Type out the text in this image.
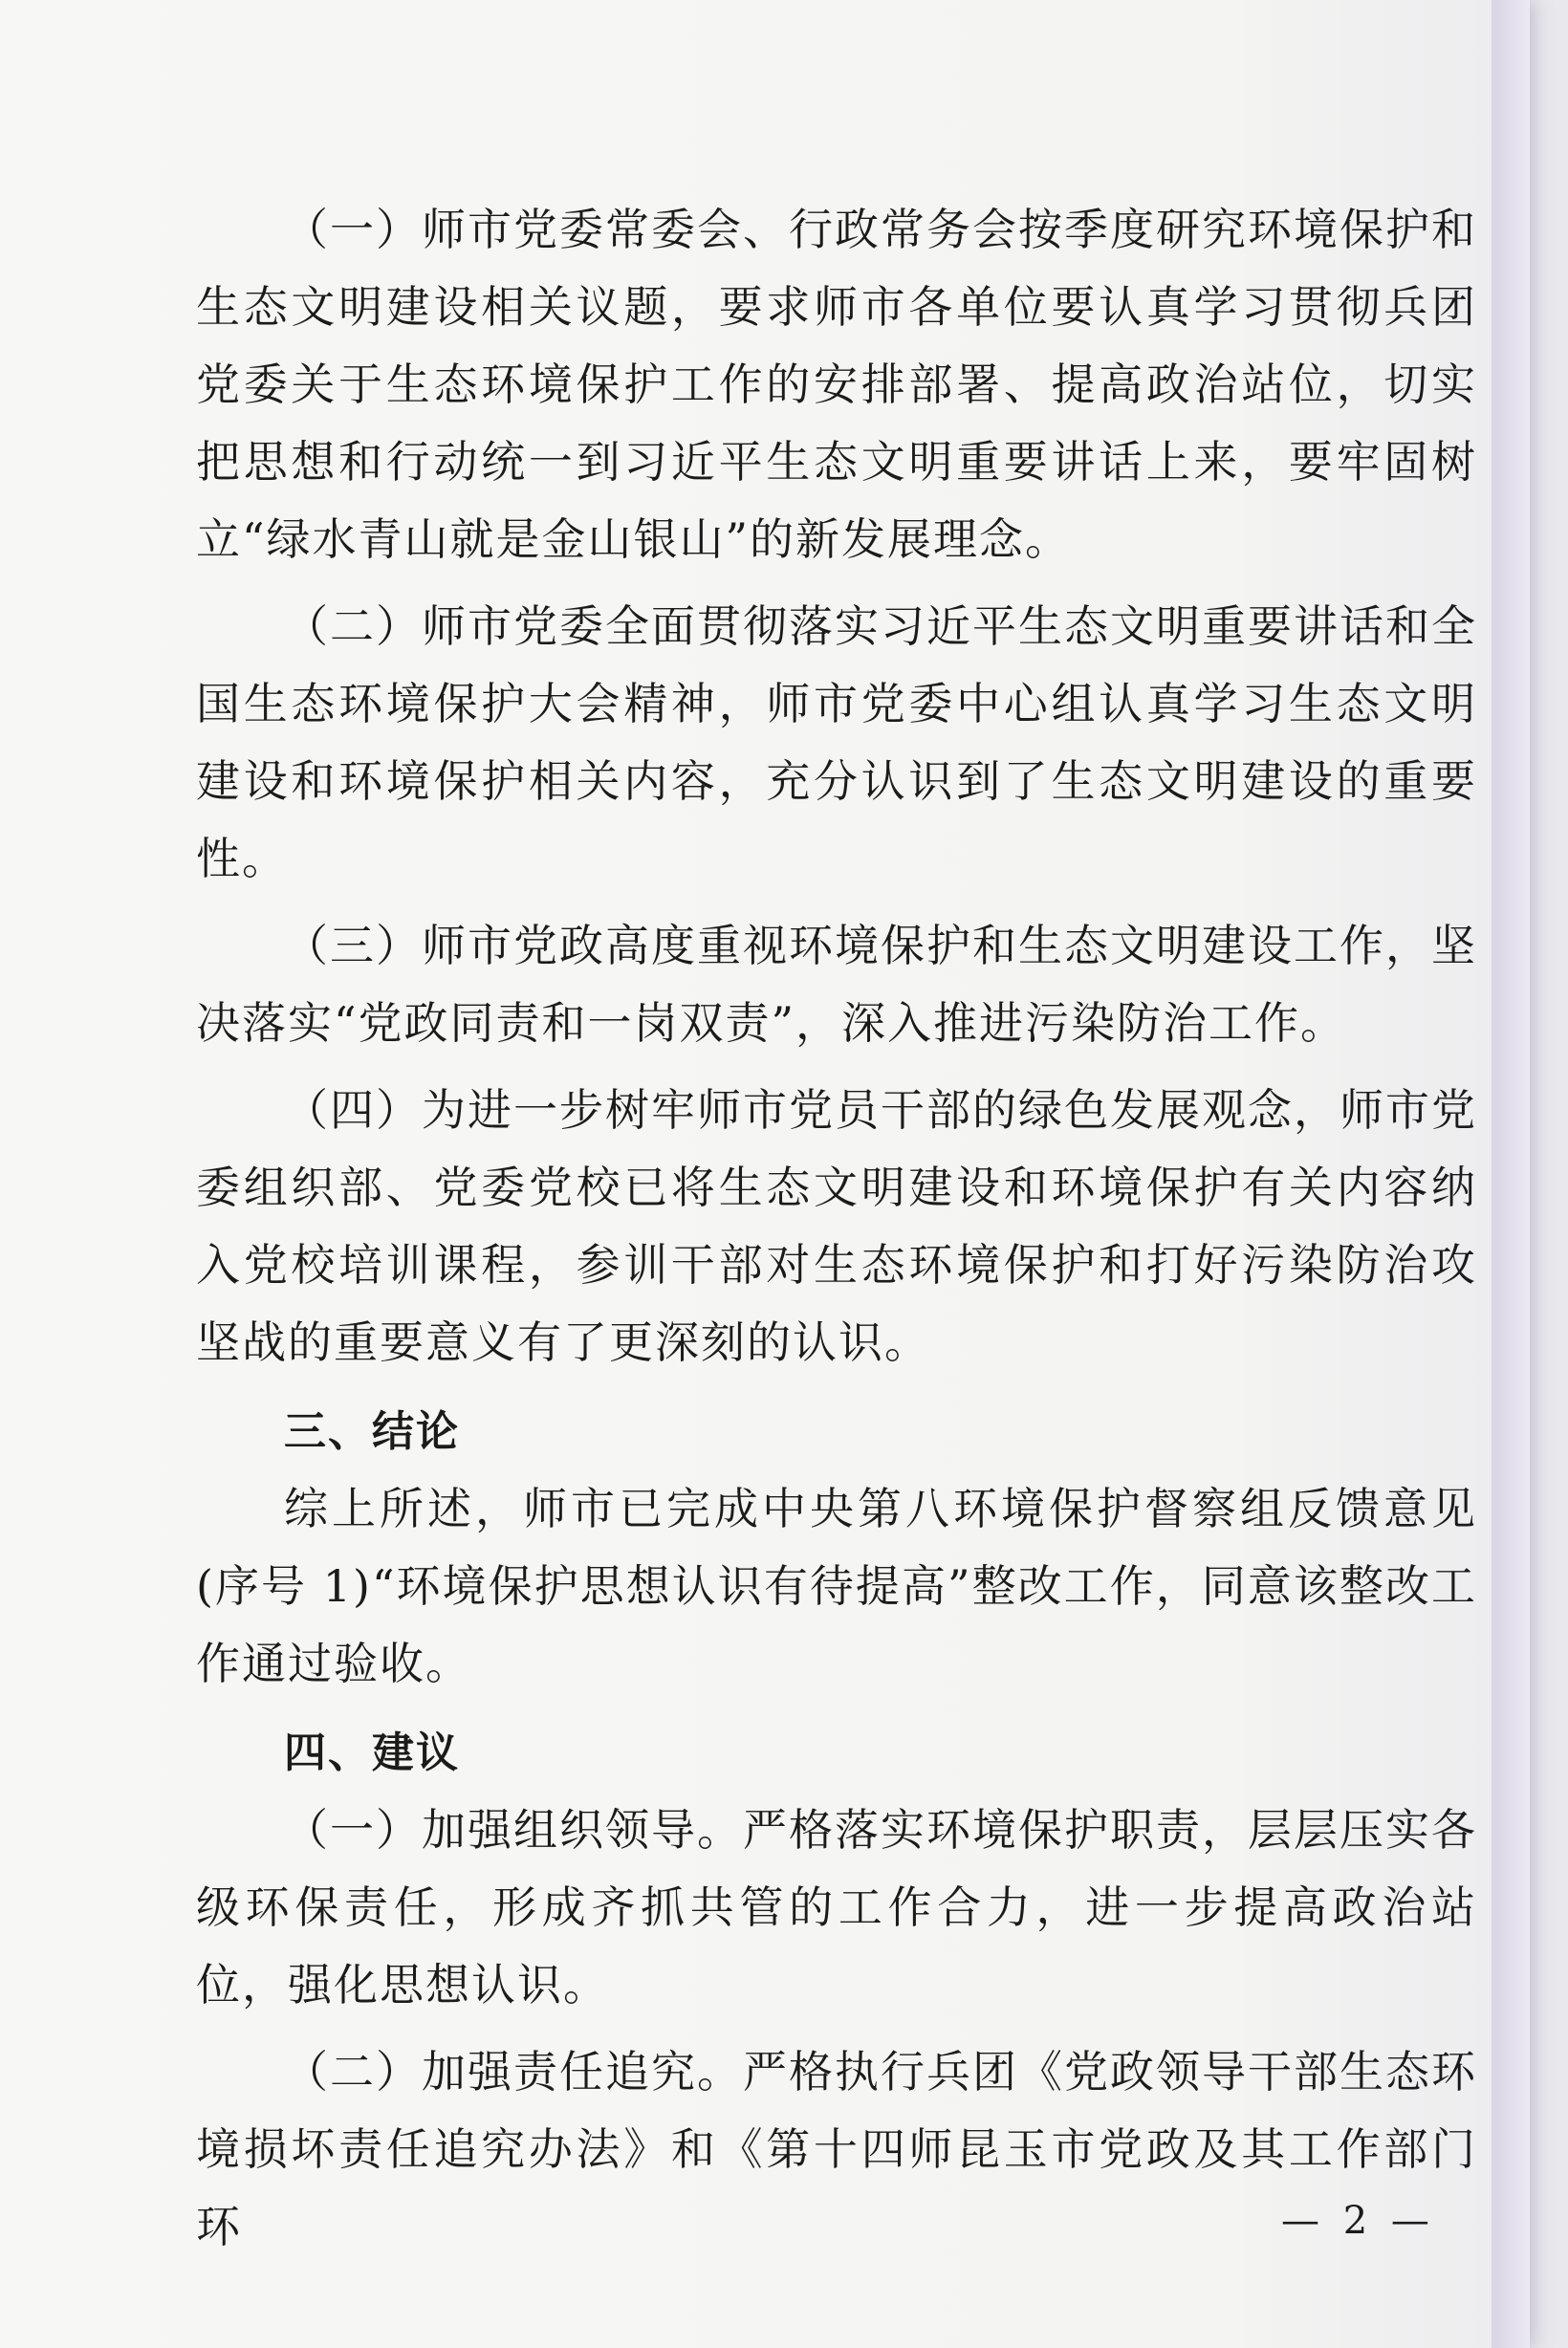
（一）师市党委常委会、行政常务会按季度研究环境保护和生态文明建设相关议题，要求师市各单位要认真学习贯彻兵团党委关于生态环境保护工作的安排部署、提高政治站位，切实把思想和行动统一到习近平生态文明重要讲话上来，要牢固树立“绿水青山就是金山银山”的新发展理念。

（二）师市党委全面贯彻落实习近平生态文明重要讲话和全国生态环境保护大会精神，师市党委中心组认真学习生态文明建设和环境保护相关内容，充分认识到了生态文明建设的重要性。

（三）师市党政高度重视环境保护和生态文明建设工作，坚决落实“党政同责和一岗双责”，深入推进污染防治工作。

（四）为进一步树牢师市党员干部的绿色发展观念，师市党委组织部、党委党校已将生态文明建设和环境保护有关内容纳入党校培训课程，参训干部对生态环境保护和打好污染防治攻坚战的重要意义有了更深刻的认识。

三、结论

综上所述，师市已完成中央第八环境保护督察组反馈意见(序号 1)“环境保护思想认识有待提高”整改工作，同意该整改工作通过验收。

四、建议

（一）加强组织领导。严格落实环境保护职责，层层压实各级环保责任，形成齐抓共管的工作合力，进一步提高政治站位，强化思想认识。

（二）加强责任追究。严格执行兵团《党政领导干部生态环境损坏责任追究办法》和《第十四师昆玉市党政及其工作部门环	— 2 —
